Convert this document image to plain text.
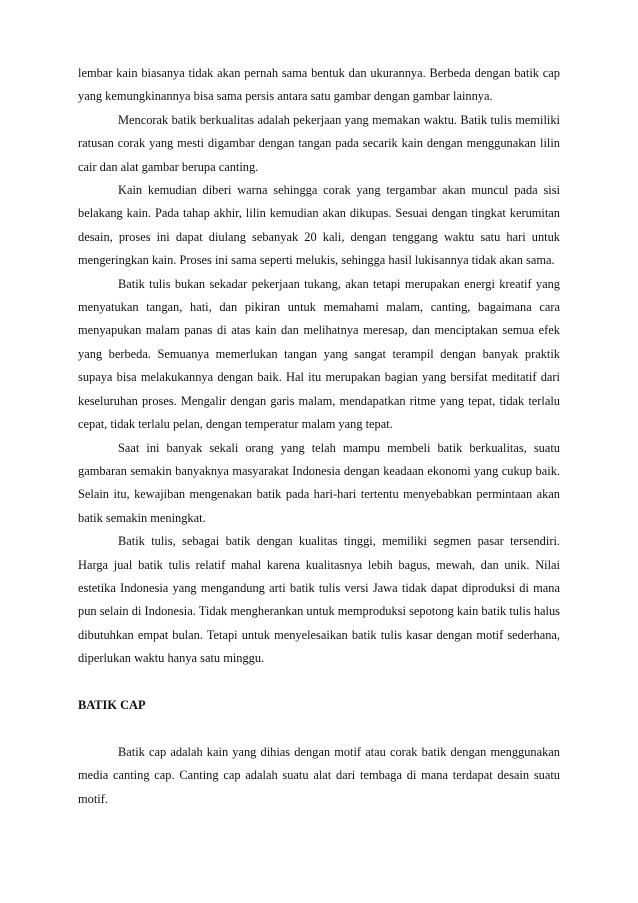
lembar kain biasanya tidak akan pernah sama bentuk dan ukurannya. Berbeda dengan batik cap yang kemungkinannya bisa sama persis antara satu gambar dengan gambar lainnya.

Mencorak batik berkualitas adalah pekerjaan yang memakan waktu. Batik tulis memiliki ratusan corak yang mesti digambar dengan tangan pada secarik kain dengan menggunakan lilin cair dan alat gambar berupa canting.

Kain kemudian diberi warna sehingga corak yang tergambar akan muncul pada sisi belakang kain. Pada tahap akhir, lilin kemudian akan dikupas. Sesuai dengan tingkat kerumitan desain, proses ini dapat diulang sebanyak 20 kali, dengan tenggang waktu satu hari untuk mengeringkan kain. Proses ini sama seperti melukis, sehingga hasil lukisannya tidak akan sama.

Batik tulis bukan sekadar pekerjaan tukang, akan tetapi merupakan energi kreatif yang menyatukan tangan, hati, dan pikiran untuk memahami malam, canting, bagaimana cara menyapukan malam panas di atas kain dan melihatnya meresap, dan menciptakan semua efek yang berbeda. Semuanya memerlukan tangan yang sangat terampil dengan banyak praktik supaya bisa melakukannya dengan baik. Hal itu merupakan bagian yang bersifat meditatif dari keseluruhan proses. Mengalir dengan garis malam, mendapatkan ritme yang tepat, tidak terlalu cepat, tidak terlalu pelan, dengan temperatur malam yang tepat.

Saat ini banyak sekali orang yang telah mampu membeli batik berkualitas, suatu gambaran semakin banyaknya masyarakat Indonesia dengan keadaan ekonomi yang cukup baik. Selain itu, kewajiban mengenakan batik pada hari-hari tertentu menyebabkan permintaan akan batik semakin meningkat.

Batik tulis, sebagai batik dengan kualitas tinggi, memiliki segmen pasar tersendiri. Harga jual batik tulis relatif mahal karena kualitasnya lebih bagus, mewah, dan unik. Nilai estetika Indonesia yang mengandung arti batik tulis versi Jawa tidak dapat diproduksi di mana pun selain di Indonesia. Tidak mengherankan untuk memproduksi sepotong kain batik tulis halus dibutuhkan empat bulan. Tetapi untuk menyelesaikan batik tulis kasar dengan motif sederhana, diperlukan waktu hanya satu minggu.

BATIK CAP

Batik cap adalah kain yang dihias dengan motif atau corak batik dengan menggunakan media canting cap. Canting cap adalah suatu alat dari tembaga di mana terdapat desain suatu motif.
